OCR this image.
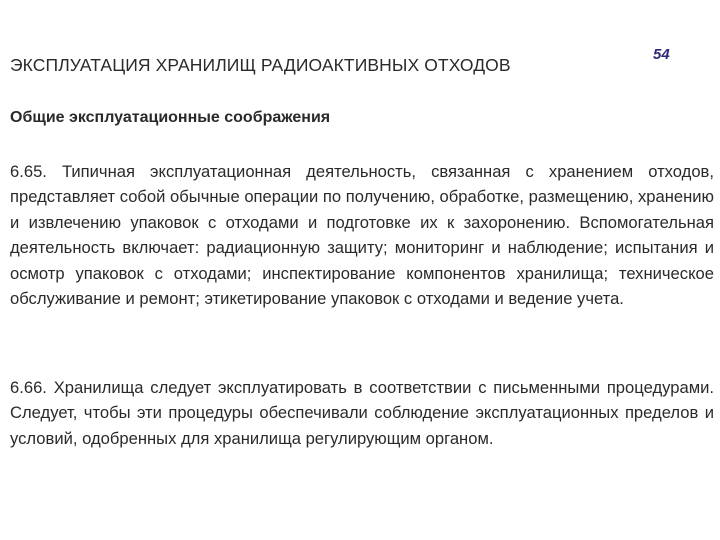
54
ЭКСПЛУАТАЦИЯ ХРАНИЛИЩ РАДИОАКТИВНЫХ ОТХОДОВ
Общие эксплуатационные соображения
6.65. Типичная эксплуатационная деятельность, связанная с хранением отходов, представляет собой обычные операции по получению, обработке, размещению, хранению и извлечению упаковок с отходами и подготовке их к захоронению. Вспомогательная деятельность включает: радиационную защиту; мониторинг и наблюдение; испытания и осмотр упаковок с отходами; инспектирование компонентов хранилища; техническое обслуживание и ремонт; этикетирование упаковок с отходами и ведение учета.
6.66. Хранилища следует эксплуатировать в соответствии с письменными процедурами. Следует, чтобы эти процедуры обеспечивали соблюдение эксплуатационных пределов и условий, одобренных для хранилища регулирующим органом.
